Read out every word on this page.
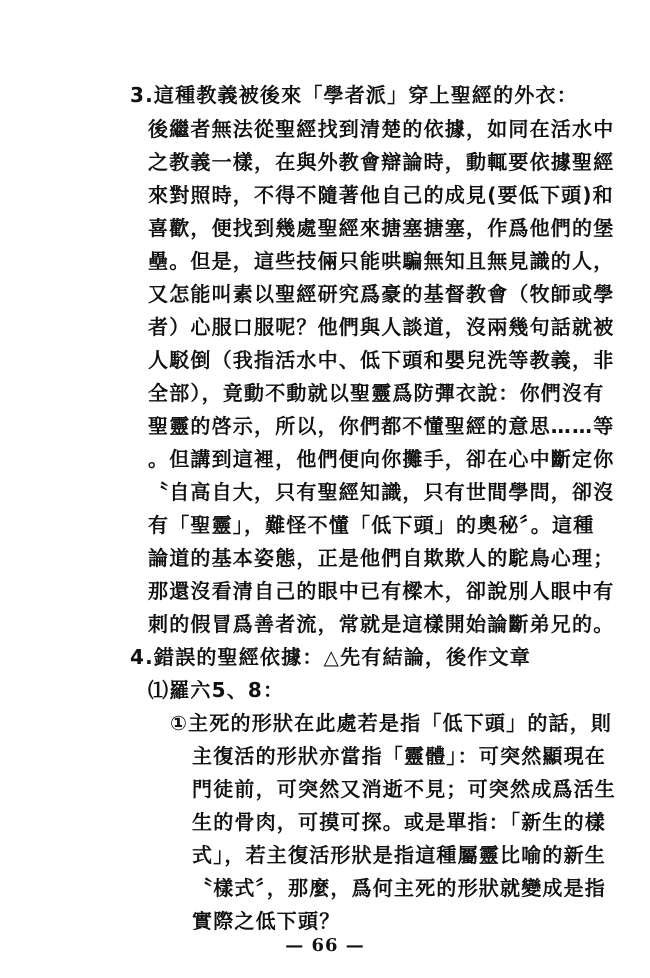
3.這種教義被後來「學者派」穿上聖經的外衣：
後繼者無法從聖經找到清楚的依據，如同在活水中
之教義一樣，在與外教會辯論時，動輒要依據聖經
來對照時，不得不隨著他自己的成見(要低下頭)和
喜歡，便找到幾處聖經來搪塞搪塞，作爲他們的堡
壘。但是，這些技倆只能哄騙無知且無見識的人，
又怎能叫素以聖經研究爲豪的基督教會（牧師或學
者）心服口服呢？他們與人談道，沒兩幾句話就被
人駁倒（我指活水中、低下頭和嬰兒洗等教義，非
全部），竟動不動就以聖靈爲防彈衣說：你們沒有
聖靈的啓示，所以，你們都不懂聖經的意思……等
。但講到這裡，他們便向你攤手，卻在心中斷定你
〝自高自大，只有聖經知識，只有世間學問，卻沒
有「聖靈」，難怪不懂「低下頭」的奧秘〞。這種
論道的基本姿態，正是他們自欺欺人的駝鳥心理；
那還沒看清自己的眼中已有樑木，卻說別人眼中有
刺的假冒爲善者流，常就是這樣開始論斷弟兄的。
4.錯誤的聖經依據：△先有結論，後作文章
⑴羅六5、8：
①主死的形狀在此處若是指「低下頭」的話，則
主復活的形狀亦當指「靈體」：可突然顯現在
門徒前，可突然又消逝不見；可突然成爲活生
生的骨肉，可摸可探。或是單指：「新生的樣
式」，若主復活形狀是指這種屬靈比喻的新生
〝樣式〞，那麼，爲何主死的形狀就變成是指
實際之低下頭？
— 66 —
